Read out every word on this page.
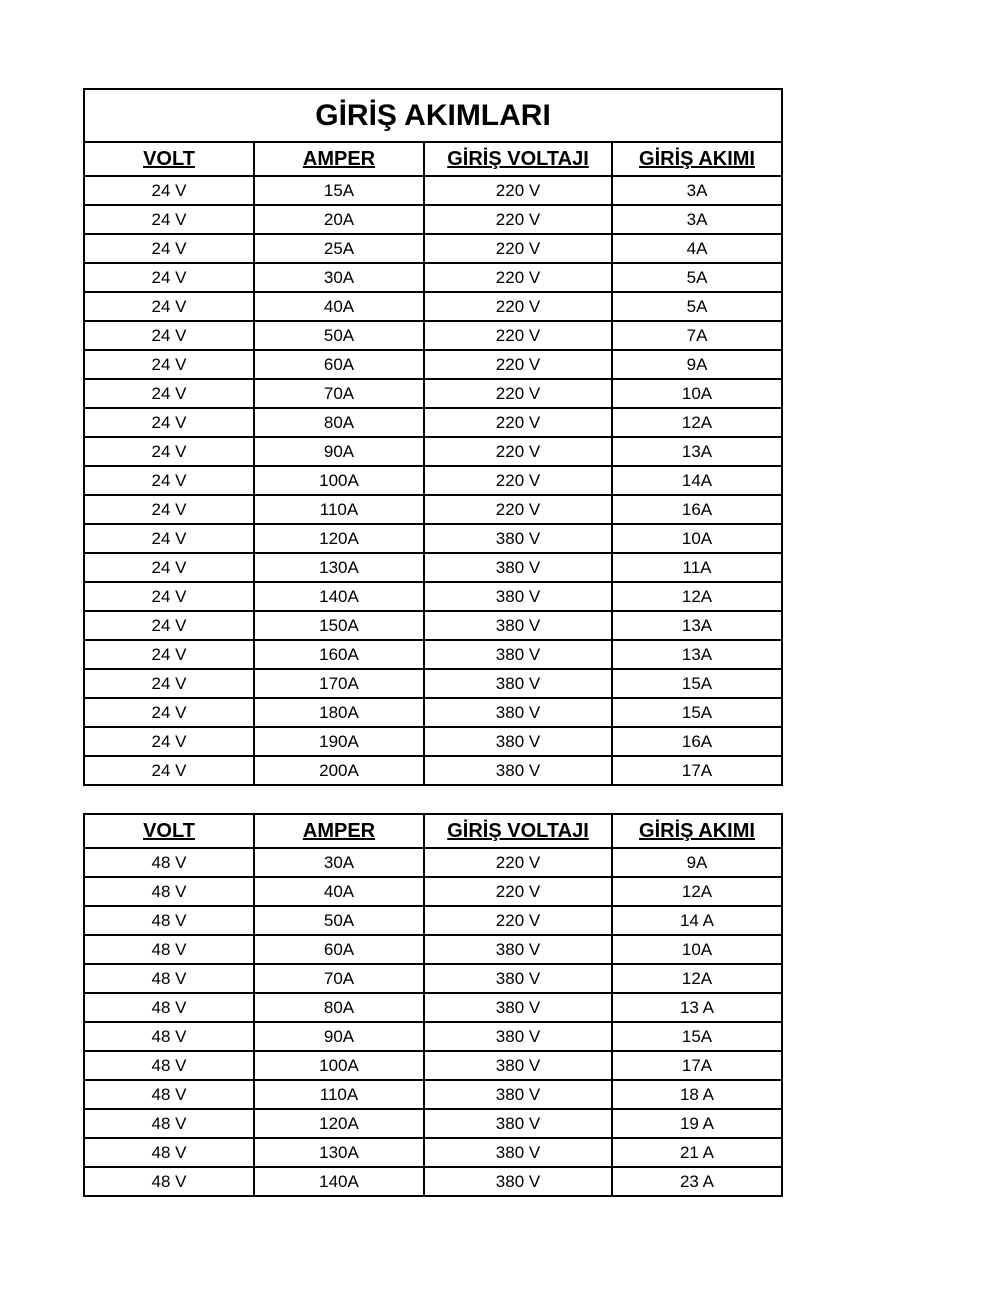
GİRİŞ AKIMLARI			
VOLT	AMPER	GİRİŞ VOLTAJI	GİRİŞ AKIMI
24 V	15A	220 V	3A
24 V	20A	220 V	3A
24 V	25A	220 V	4A
24 V	30A	220 V	5A
24 V	40A	220 V	5A
24 V	50A	220 V	7A
24 V	60A	220 V	9A
24 V	70A	220 V	10A
24 V	80A	220 V	12A
24 V	90A	220 V	13A
24 V	100A	220 V	14A
24 V	110A	220 V	16A
24 V	120A	380 V	10A
24 V	130A	380 V	11A
24 V	140A	380 V	12A
24 V	150A	380 V	13A
24 V	160A	380 V	13A
24 V	170A	380 V	15A
24 V	180A	380 V	15A
24 V	190A	380 V	16A
24 V	200A	380 V	17A
VOLT	AMPER	GİRİŞ VOLTAJI	GİRİŞ AKIMI
48 V	30A	220 V	9A
48 V	40A	220 V	12A
48 V	50A	220 V	14 A
48 V	60A	380 V	10A
48 V	70A	380 V	12A
48 V	80A	380 V	13 A
48 V	90A	380 V	15A
48 V	100A	380 V	17A
48 V	110A	380 V	18 A
48 V	120A	380 V	19 A
48 V	130A	380 V	21 A
48 V	140A	380 V	23 A
